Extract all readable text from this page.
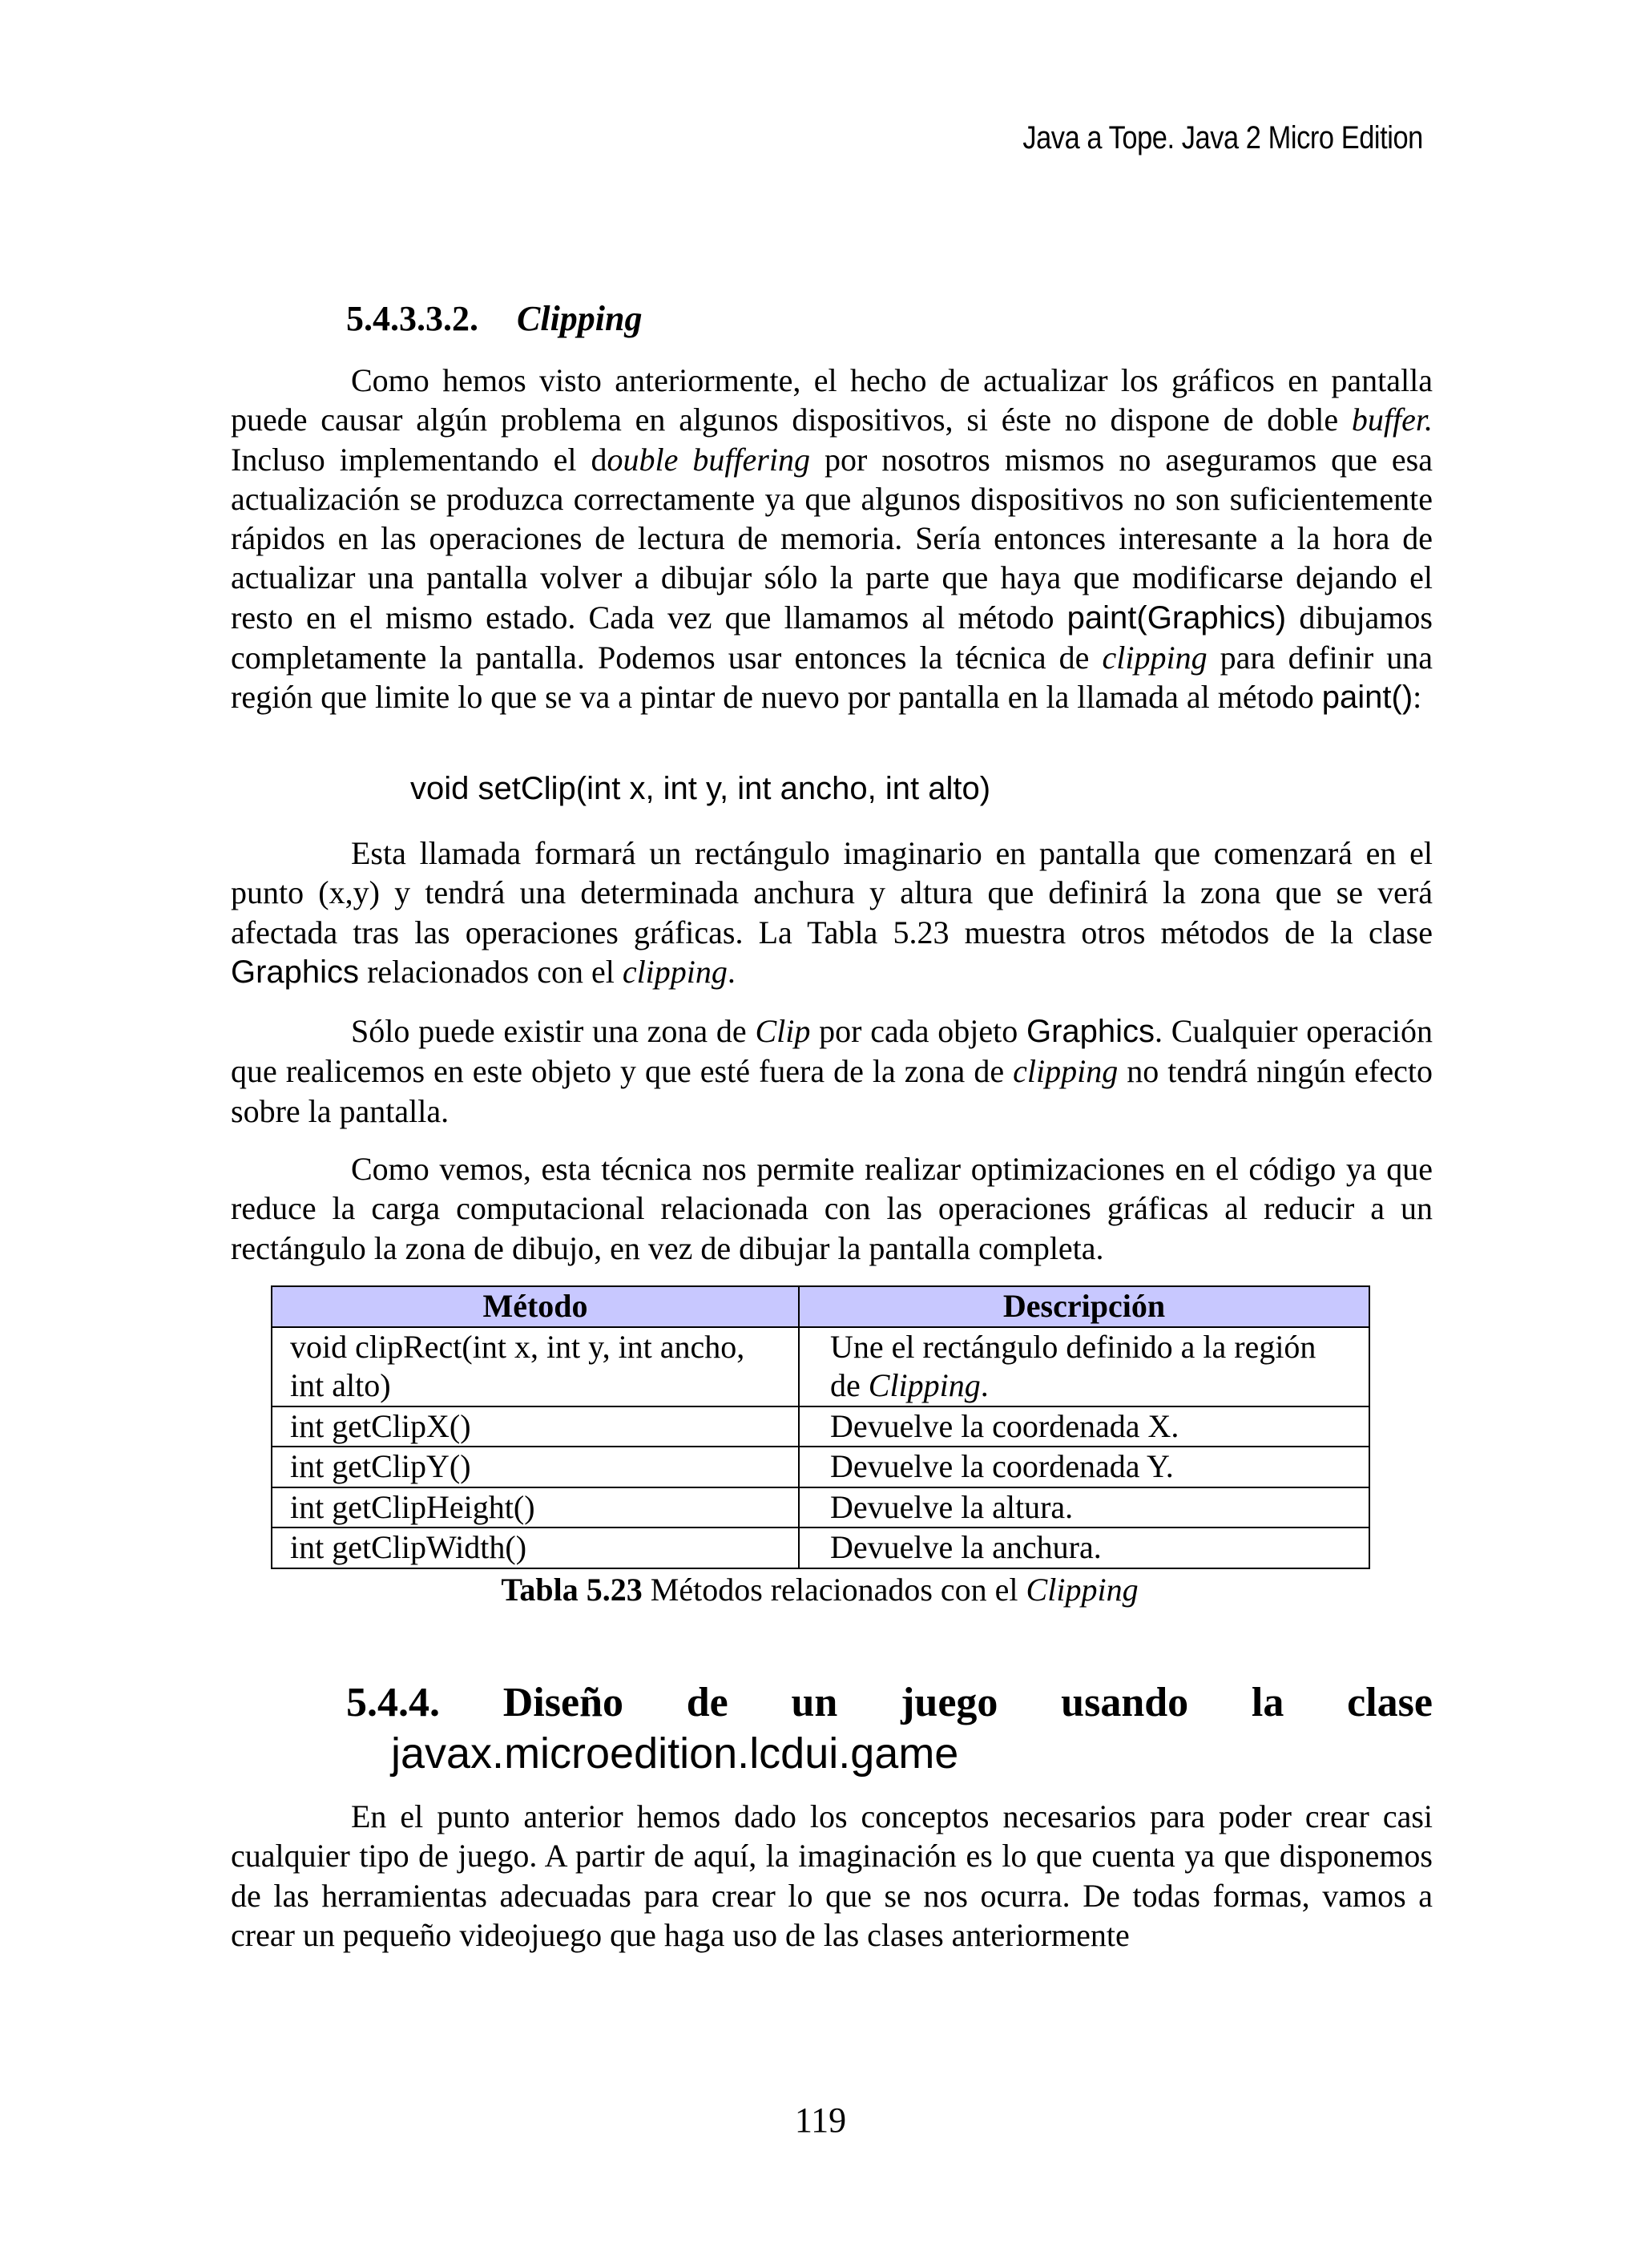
Java a Tope. Java 2 Micro Edition
5.4.3.3.2. Clipping

Como hemos visto anteriormente, el hecho de actualizar los gráficos en pantalla puede causar algún problema en algunos dispositivos, si éste no dispone de doble buffer. Incluso implementando el double buffering por nosotros mismos no aseguramos que esa actualización se produzca correctamente ya que algunos dispositivos no son suficientemente rápidos en las operaciones de lectura de memoria. Sería entonces interesante a la hora de actualizar una pantalla volver a dibujar sólo la parte que haya que modificarse dejando el resto en el mismo estado. Cada vez que llamamos al método paint(Graphics) dibujamos completamente la pantalla. Podemos usar entonces la técnica de clipping para definir una región que limite lo que se va a pintar de nuevo por pantalla en la llamada al método paint():

void setClip(int x, int y, int ancho, int alto)

Esta llamada formará un rectángulo imaginario en pantalla que comenzará en el punto (x,y) y tendrá una determinada anchura y altura que definirá la zona que se verá afectada tras las operaciones gráficas. La Tabla 5.23 muestra otros métodos de la clase Graphics relacionados con el clipping.

Sólo puede existir una zona de Clip por cada objeto Graphics. Cualquier operación que realicemos en este objeto y que esté fuera de la zona de clipping no tendrá ningún efecto sobre la pantalla.

Como vemos, esta técnica nos permite realizar optimizaciones en el código ya que reduce la carga computacional relacionada con las operaciones gráficas al reducir a un rectángulo la zona de dibujo, en vez de dibujar la pantalla completa.

Método	Descripción
void clipRect(int x, int y, int ancho,
int alto)	Une el rectángulo definido a la región
de Clipping.
int getClipX()	Devuelve la coordenada X.
int getClipY()	Devuelve la coordenada Y.
int getClipHeight()	Devuelve la altura.
int getClipWidth()	Devuelve la anchura.
Tabla 5.23 Métodos relacionados con el Clipping
5.4.4. Diseño de un juego usando la clase
javax.microedition.lcdui.game

En el punto anterior hemos dado los conceptos necesarios para poder crear casi cualquier tipo de juego. A partir de aquí, la imaginación es lo que cuenta ya que disponemos de las herramientas adecuadas para crear lo que se nos ocurra. De todas formas, vamos a crear un pequeño videojuego que haga uso de las clases anteriormente

119
